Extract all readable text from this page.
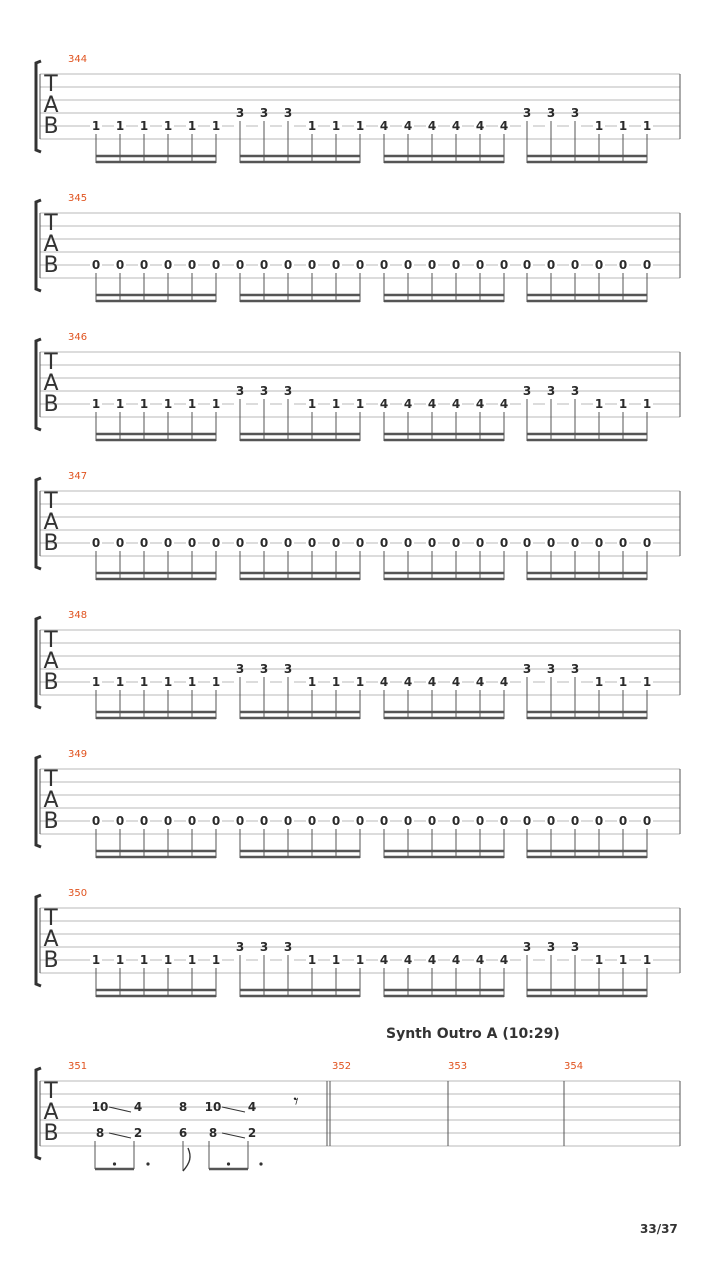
T
A
B
344
1 1 1 1 1 1
3 3 3
1 1 1 4 4 4 4 4 4
3 3 3
1 1 1
T
A
B
345
0 0 0 0 0 0 0 0 0 0 0 0 0 0 0 0 0 0 0 0 0 0 0 0
T
A
B
346
1 1 1 1 1 1
3 3 3
1 1 1 4 4 4 4 4 4
3 3 3
1 1 1
T
A
B
347
0 0 0 0 0 0 0 0 0 0 0 0 0 0 0 0 0 0 0 0 0 0 0 0
T
A
B
348
1 1 1 1 1 1
3 3 3
1 1 1 4 4 4 4 4 4
3 3 3
1 1 1
T
A
B
349
0 0 0 0 0 0 0 0 0 0 0 0 0 0 0 0 0 0 0 0 0 0 0 0
T
A
B
350
1 1 1 1 1 1
3 3 3
1 1 1 4 4 4 4 4 4
3 3 3
1 1 1
T
A
B
351	352	353	354
10
8
4
2
8
6
10
8
4
2
𝄾
Synth Outro A (10:29)
33/37
